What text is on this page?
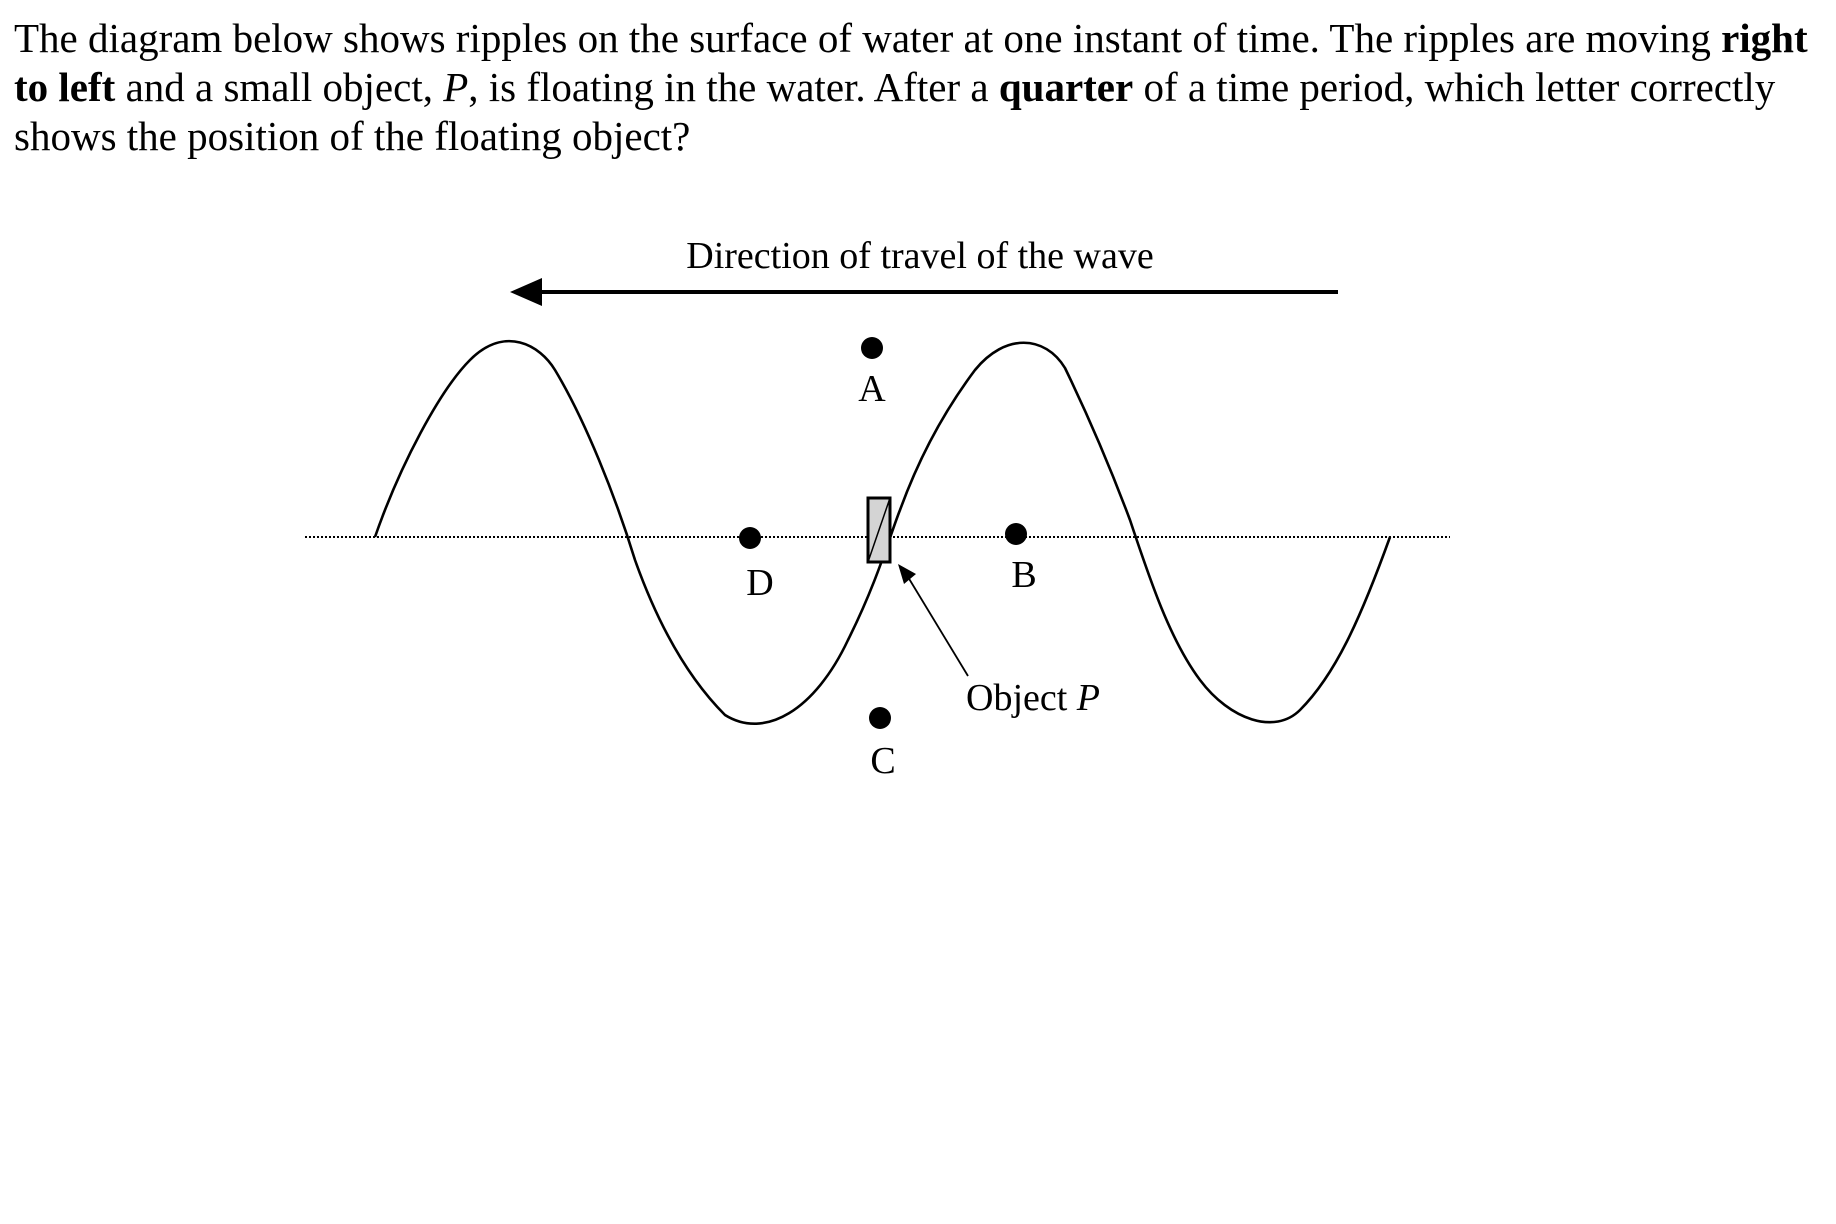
The diagram below shows ripples on the surface of water at one instant of time. The ripples are moving right to left and a small object, P, is floating in the water. After a quarter of a time period, which letter correctly shows the position of the floating object?

Direction of travel of the wave
Object P
A
B
C
D
